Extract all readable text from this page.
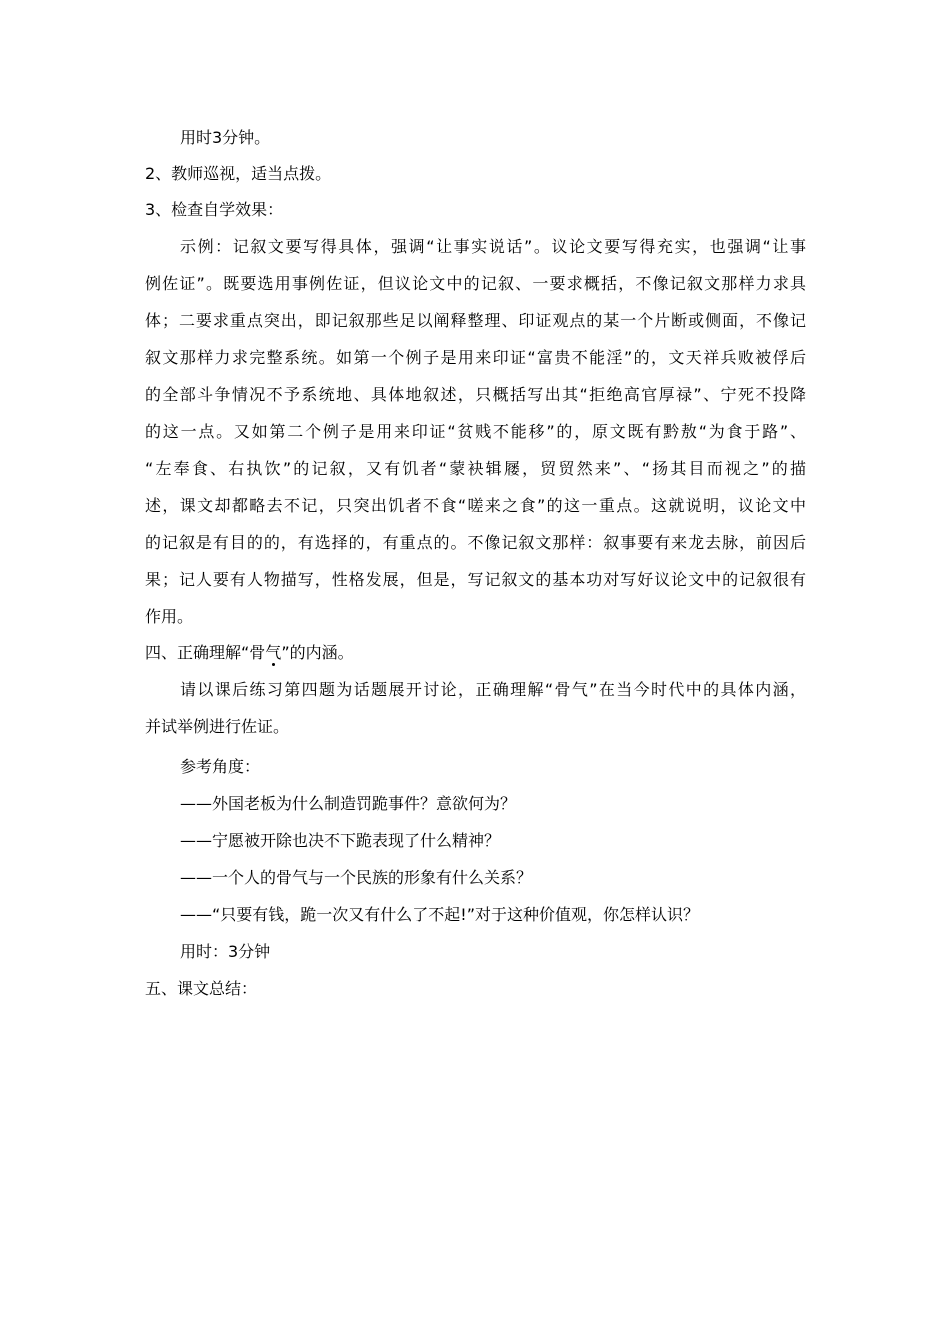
用时3分钟。
2、教师巡视，适当点拨。
3、检查自学效果：
示例：记叙文要写得具体，强调“让事实说话”。议论文要写得充实，也强调“让事
例佐证”。既要选用事例佐证，但议论文中的记叙、一要求概括，不像记叙文那样力求具
体；二要求重点突出，即记叙那些足以阐释整理、印证观点的某一个片断或侧面，不像记
叙文那样力求完整系统。如第一个例子是用来印证“富贵不能淫”的，文天祥兵败被俘后
的全部斗争情况不予系统地、具体地叙述，只概括写出其“拒绝高官厚禄”、宁死不投降
的这一点。又如第二个例子是用来印证“贫贱不能移”的，原文既有黔敖“为食于路”、
“左奉食、右执饮”的记叙，又有饥者“蒙袂辑屦，贸贸然来”、“扬其目而视之”的描
述，课文却都略去不记，只突出饥者不食“嗟来之食”的这一重点。这就说明，议论文中
的记叙是有目的的，有选择的，有重点的。不像记叙文那样：叙事要有来龙去脉，前因后
果；记人要有人物描写，性格发展，但是，写记叙文的基本功对写好议论文中的记叙很有
作用。
四、正确理解“骨气”的内涵。
请以课后练习第四题为话题展开讨论，正确理解“骨气”在当今时代中的具体内涵，
并试举例进行佐证。
参考角度：
——外国老板为什么制造罚跪事件？意欲何为？
——宁愿被开除也决不下跪表现了什么精神？
——一个人的骨气与一个民族的形象有什么关系？
——“只要有钱，跪一次又有什么了不起!”对于这种价值观，你怎样认识？
用时：3分钟
五、课文总结：
